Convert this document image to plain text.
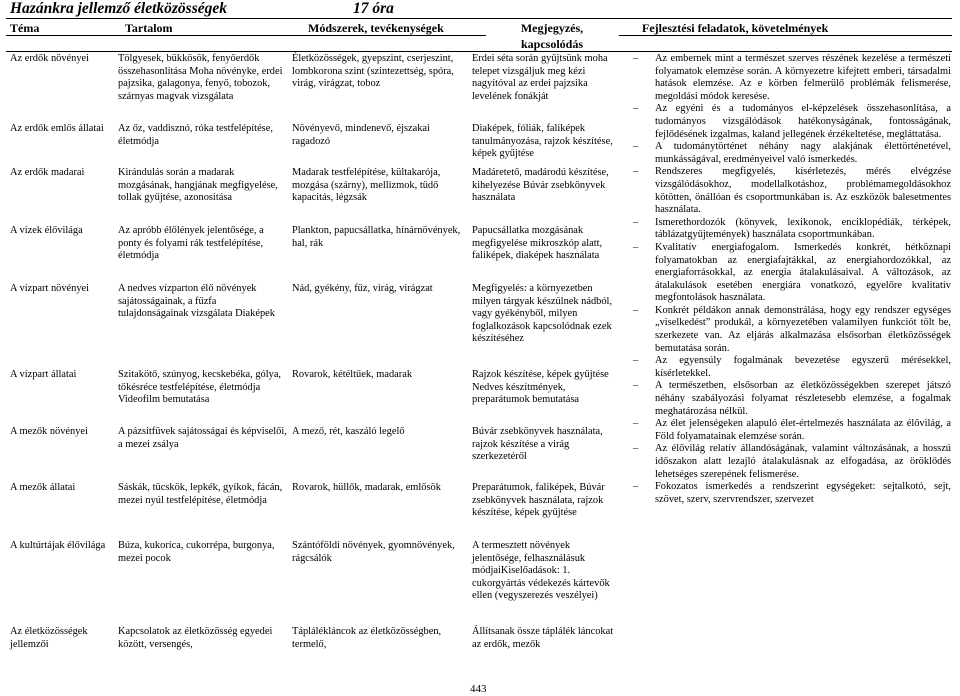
Hazánkra jellemző életközösségek	17 óra
Téma	Tartalom	Módszerek, tevékenységek	Megjegyzés,
kapcsolódás
Fejlesztési feladatok, követelmények
Az erdők növényei	Tölgyesek, bükkösök, fenyőerdők összehasonlítása Moha növényke, erdei pajzsika, galagonya, fenyő, tobozok, szárnyas magvak vizsgálata	Életközösségek, gyepszint, cserjeszint, lombkorona szint (szintezettség, spóra, virág, virágzat, toboz	Erdei séta során gyűjtsünk moha telepet vizsgáljuk meg kézi nagyítóval az erdei pajzsika levelének fonákját
Az erdők emlős állatai	Az őz, vaddisznó, róka testfelépítése, életmódja	Növényevő, mindenevő, éjszakai ragadozó	Diaképek, fóliák, faliképek tanulmányozása, rajzok készítése, képek gyűjtése
Az erdők madarai	Kirándulás során a madarak mozgásának, hangjának megfigyelése, tollak gyűjtése, azonosítása	Madarak testfelépítése, kültakarója, mozgása (szárny), mellizmok, tüdő kapacitás, légzsák	Madáretető, madárodú készítése, kihelyezése Búvár zsebkönyvek használata
A vizek élővilága	Az apróbb élőlények jelentősége, a ponty és folyami rák testfelépítése, életmódja	Plankton, papucsállatka, hínárnövények, hal, rák	Papucsállatka mozgásának megfigyelése mikroszkóp alatt, faliképek, diaképek használata
A vízpart növényei	A nedves vízparton élő növények sajátosságainak, a fűzfa tulajdonságainak vizsgálata Diaképek	Nád, gyékény, fűz, virág, virágzat	Megfigyelés: a környezetben milyen tárgyak készülnek nádból, vagy gyékényből, milyen foglalkozások kapcsolódnak ezek készítéséhez
A vízpart állatai	Szitakötő, szúnyog, kecskebéka, gólya, tőkésréce testfelépítése, életmódja Videofilm bemutatása	Rovarok, kétéltűek, madarak	Rajzok készítése, képek gyűjtése Nedves készítmények, preparátumok bemutatása
A mezők növényei	A pázsitfüvek sajátosságai és képviselői, a mezei zsálya	A mező, rét, kaszáló legelő	Búvár zsebkönyvek használata, rajzok készítése a virág szerkezetéről
A mezők állatai	Sáskák, tücskök, lepkék, gyíkok, fácán, mezei nyúl testfelépítése, életmódja	Rovarok, hüllők, madarak, emlősök	Preparátumok, faliképek, Búvár zsebkönyvek használata, rajzok készítése, képek gyűjtése
A kultúrtájak élővilága	Búza, kukorica, cukorrépa, burgonya, mezei pocok	Szántóföldi növények, gyomnövények, rágcsálók	A termesztett növények jelentősége, felhasználásuk módjaiKiselőadások: 1. cukorgyártás védekezés kártevők ellen (vegyszerezés veszélyei)
Az életközösségek jellemzői	Kapcsolatok az életközösség egyedei között, versengés,	Táplálékláncok az életközösségben, termelő,	Állítsanak össze táplálék láncokat az erdők, mezők
– Az embernek mint a természet szerves részének kezelése a természeti folyamatok elemzése során. A környezetre kifejtett emberi, társadalmi hatások elemzése. Az e körben felmerülő problémák felismerése, megoldási módok keresése.
– Az egyéni és a tudományos el-képzelések összehasonlítása, a tudományos vizsgálódások hatékonyságának, fontosságának, fejlődésének izgalmas, kaland jellegének érzékeltetése, megláttatása.
– A tudománytörténet néhány nagy alakjának élettörténetével, munkásságával, eredményeivel való ismerkedés.
– Rendszeres megfigyelés, kísérletezés, mérés elvégzése vizsgálódásokhoz, modellalkotáshoz, problémamegoldásokhoz kötötten, önállóan és csoportmunkában is. Az eszközök balesetmentes használata.
– Ismerethordozók (könyvek, lexikonok, enciklopédiák, térképek, táblázatgyűjtemények) használata csoportmunkában.
– Kvalitatív energiafogalom. Ismerkedés konkrét, hétköznapi folyamatokban az energiafajtákkal, az energiahordozókkal, az energiaforrásokkal, az energia átalakulásaival. A változások, az átalakulások esetében energiára vonatkozó, egyelőre kvalitatív megfontolások használata.
– Konkrét példákon annak demonstrálása, hogy egy rendszer egységes „viselkedést” produkál, a környezetében valamilyen funkciót tölt be, szerkezete van. Az eljárás alkalmazása elsősorban életközösségek bemutatása során.
– Az egyensúly fogalmának bevezetése egyszerű mérésekkel, kísérletekkel.
– A természetben, elsősorban az életközösségekben szerepet játszó néhány szabályozási folyamat részletesebb elemzése, a fogalmak meghatározása nélkül.
– Az élet jelenségeken alapuló élet-értelmezés használata az élővilág, a Föld folyamatainak elemzése során.
– Az élővilág relatív állandóságának, valamint változásának, a hosszú időszakon alatt lezajló átalakulásnak az elfogadása, az öröklődés lehetséges szerepének felismerése.
– Fokozatos ismerkedés a rendszerint egységeket: sejtalkotó, sejt, szövet, szerv, szervrendszer, szervezet
443
